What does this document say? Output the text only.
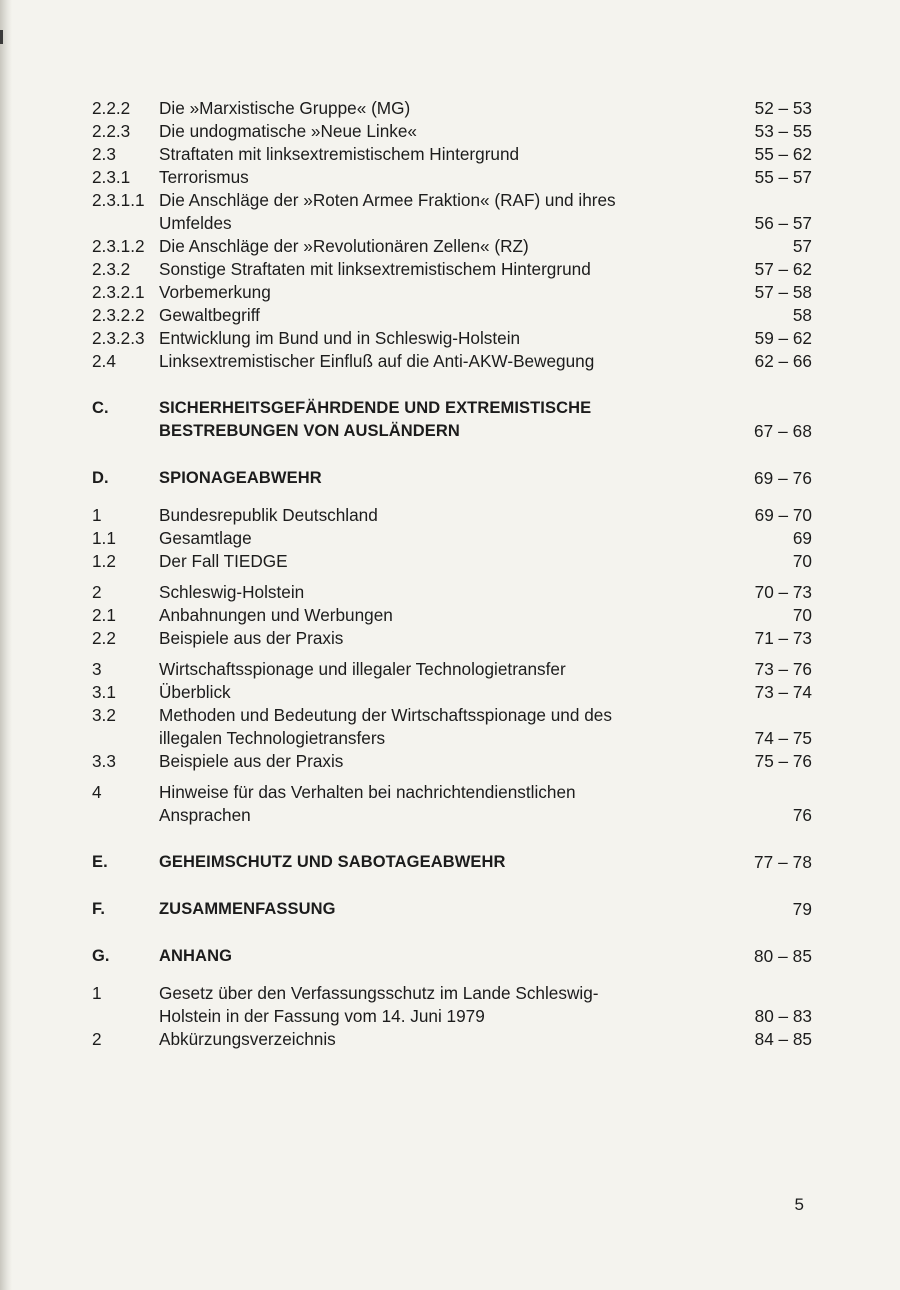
2.2.2	Die »Marxistische Gruppe« (MG)	52 – 53
2.2.3	Die undogmatische »Neue Linke«	53 – 55
2.3	Straftaten mit linksextremistischem Hintergrund	55 – 62
2.3.1	Terrorismus	55 – 57
2.3.1.1 Die Anschläge der »Roten Armee Fraktion« (RAF) und ihres
Umfeldes	56 – 57
2.3.1.2 Die Anschläge der »Revolutionären Zellen« (RZ)	57
2.3.2	Sonstige Straftaten mit linksextremistischem Hintergrund	57 – 62
2.3.2.1 Vorbemerkung	57 – 58
2.3.2.2 Gewaltbegriff	58
2.3.2.3 Entwicklung im Bund und in Schleswig-Holstein	59 – 62
2.4	Linksextremistischer Einfluß auf die Anti-AKW-Bewegung	62 – 66
C.	SICHERHEITSGEFÄHRDENDE UND EXTREMISTISCHE
BESTREBUNGEN VON AUSLÄNDERN	67 – 68
D.	SPIONAGEABWEHR	69 – 76
1	Bundesrepublik Deutschland	69 – 70
1.1	Gesamtlage	69
1.2	Der Fall TIEDGE	70
2	Schleswig-Holstein	70 – 73
2.1	Anbahnungen und Werbungen	70
2.2	Beispiele aus der Praxis	71 – 73
3	Wirtschaftsspionage und illegaler Technologietransfer	73 – 76
3.1	Überblick	73 – 74
3.2	Methoden und Bedeutung der Wirtschaftsspionage und des
illegalen Technologietransfers	74 – 75
3.3	Beispiele aus der Praxis	75 – 76
4	Hinweise für das Verhalten bei nachrichtendienstlichen
Ansprachen	76
E.	GEHEIMSCHUTZ UND SABOTAGEABWEHR	77 – 78
F.	ZUSAMMENFASSUNG	79
G.	ANHANG	80 – 85
1	Gesetz über den Verfassungsschutz im Lande Schleswig-
Holstein in der Fassung vom 14. Juni 1979	80 – 83
2	Abkürzungsverzeichnis	84 – 85
5
